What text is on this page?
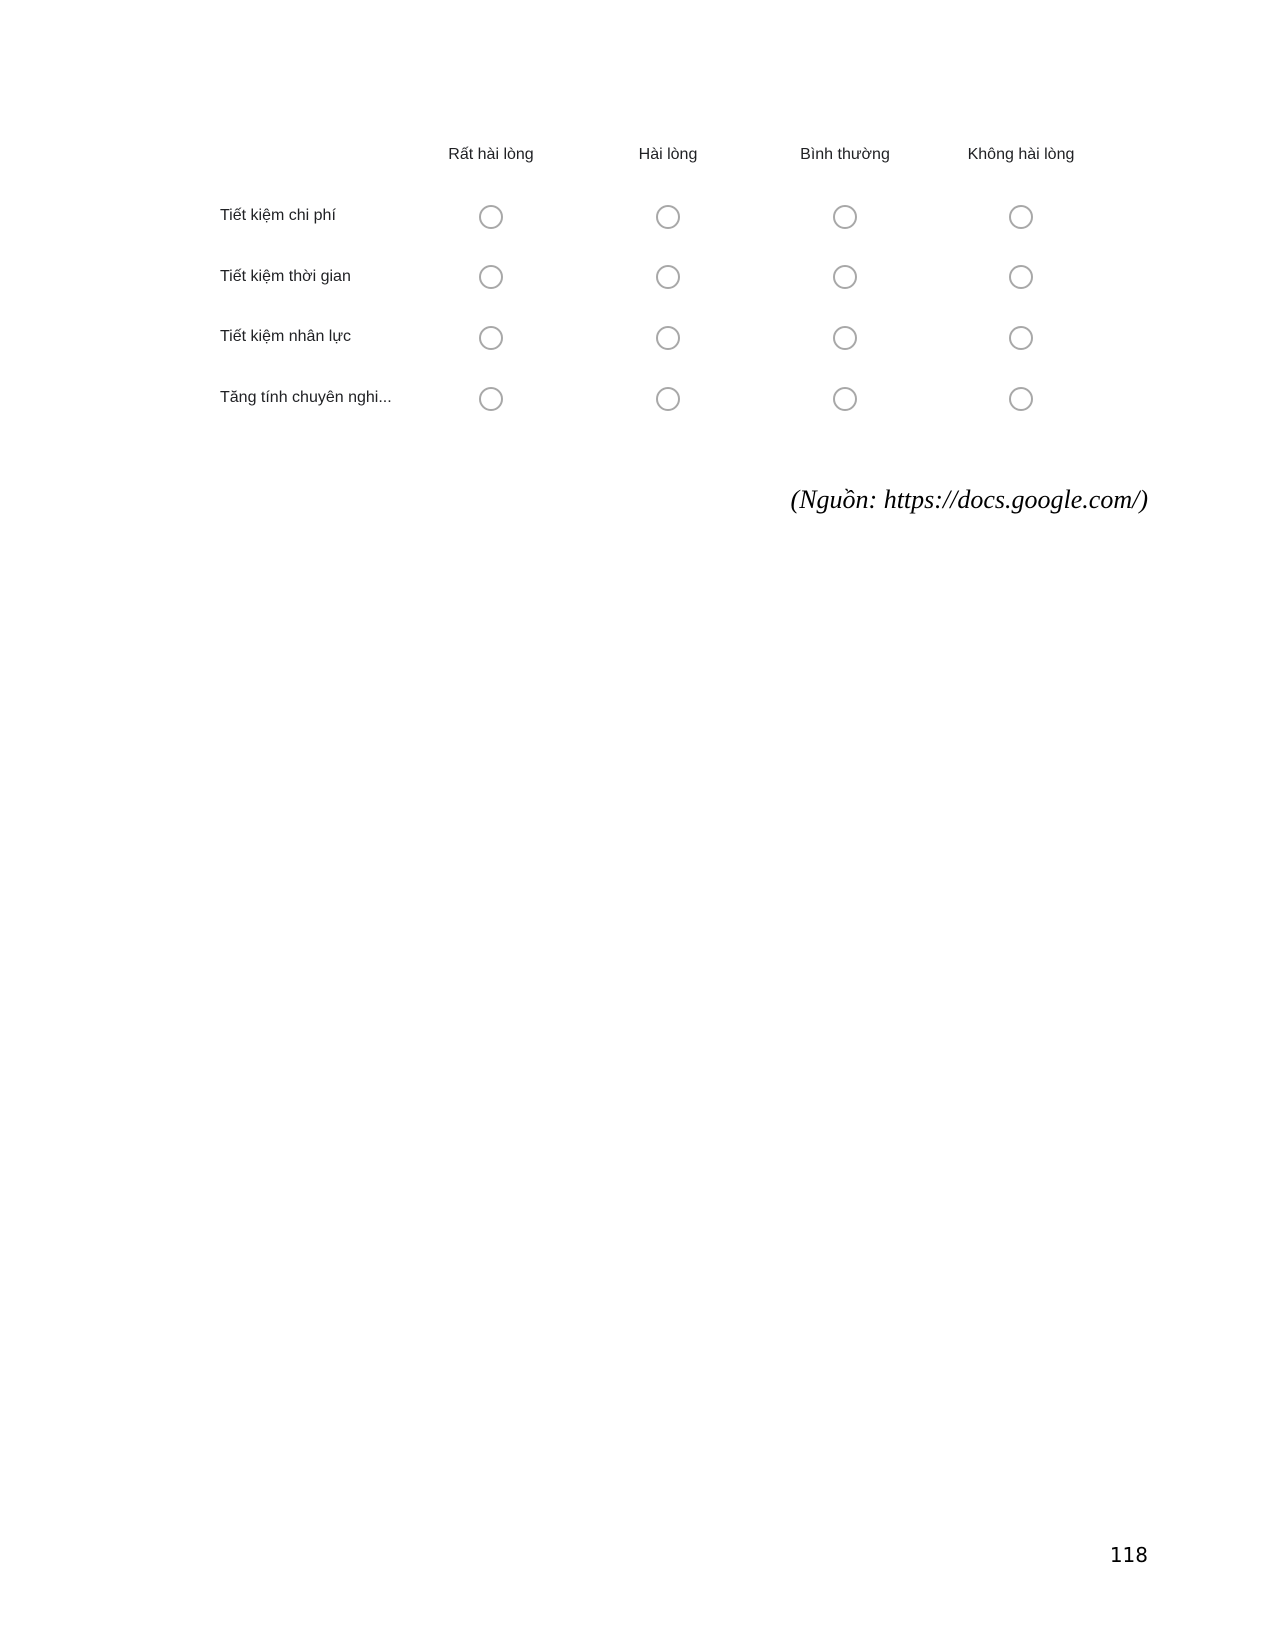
Rất hài lòng	Hài lòng	Bình thường	Không hài lòng
Tiết kiệm chi phí
Tiết kiệm thời gian
Tiết kiệm nhân lực
Tăng tính chuyên nghi...
(Nguồn: https://docs.google.com/)
118
